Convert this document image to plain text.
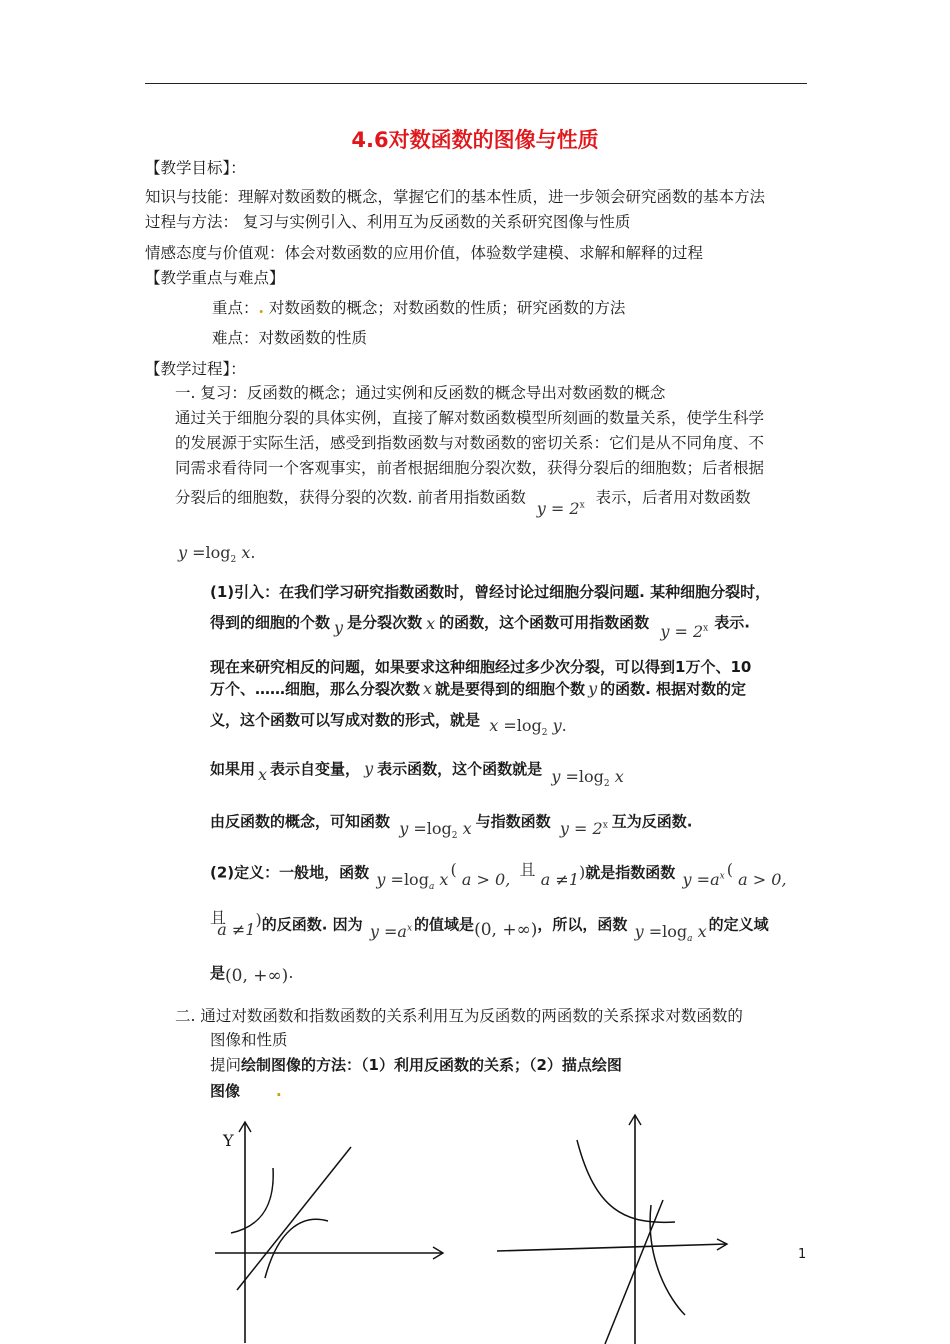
4.6对数函数的图像与性质
【教学目标】：
知识与技能：理解对数函数的概念，掌握它们的基本性质，进一步领会研究函数的基本方法
过程与方法： 复习与实例引入、利用互为反函数的关系研究图像与性质
情感态度与价值观：体会对数函数的应用价值，体验数学建模、求解和解释的过程
【教学重点与难点】
重点：. 对数函数的概念；对数函数的性质；研究函数的方法
难点：对数函数的性质
【教学过程】：
一. 复习：反函数的概念；通过实例和反函数的概念导出对数函数的概念
通过关于细胞分裂的具体实例，直接了解对数函数模型所刻画的数量关系，使学生科学
的发展源于实际生活，感受到指数函数与对数函数的密切关系：它们是从不同角度、不
同需求看待同一个客观事实，前者根据细胞分裂次数，获得分裂后的细胞数；后者根据
分裂后的细胞数，获得分裂的次数. 前者用指数函数 $y = 2^x$ 表示，后者用对数函数
$y =\log_2$ x.
(1)引入：在我们学习研究指数函数时，曾经讨论过细胞分裂问题. 某种细胞分裂时，
得到的细胞的个数 y 是分裂次数 x 的函数，这个函数可用指数函数 $y = 2^x$ 表示.
现在来研究相反的问题，如果要求这种细胞经过多少次分裂，可以得到1万个、10
万个、……细胞，那么分裂次数 x 就是要得到的细胞个数 y 的函数. 根据对数的定
义，这个函数可以写成对数的形式，就是 $x =\log_2$ y.
如果用 x 表示自变量， y 表示函数，这个函数就是 $y =\log_2$ x
由反函数的概念，可知函数 $y =\log_2$ x 与指数函数 $y = 2^x$ 互为反函数.
(2)定义：一般地，函数 $y =\log_a$ x( a > 0, 且 a ≠1)就是指数函数 $y =a^x$ ( a > 0,
且 a ≠1)的反函数. 因为 $y =a^x$ 的值域是(0, +∞)，所以，函数 $y =\log_a$ x 的定义域
是(0, +∞).
二. 通过对数函数和指数函数的关系利用互为反函数的两函数的关系探求对数函数的
图像和性质
提问绘制图像的方法：（1）利用反函数的关系；（2）描点绘图
图像 .
Y
1
